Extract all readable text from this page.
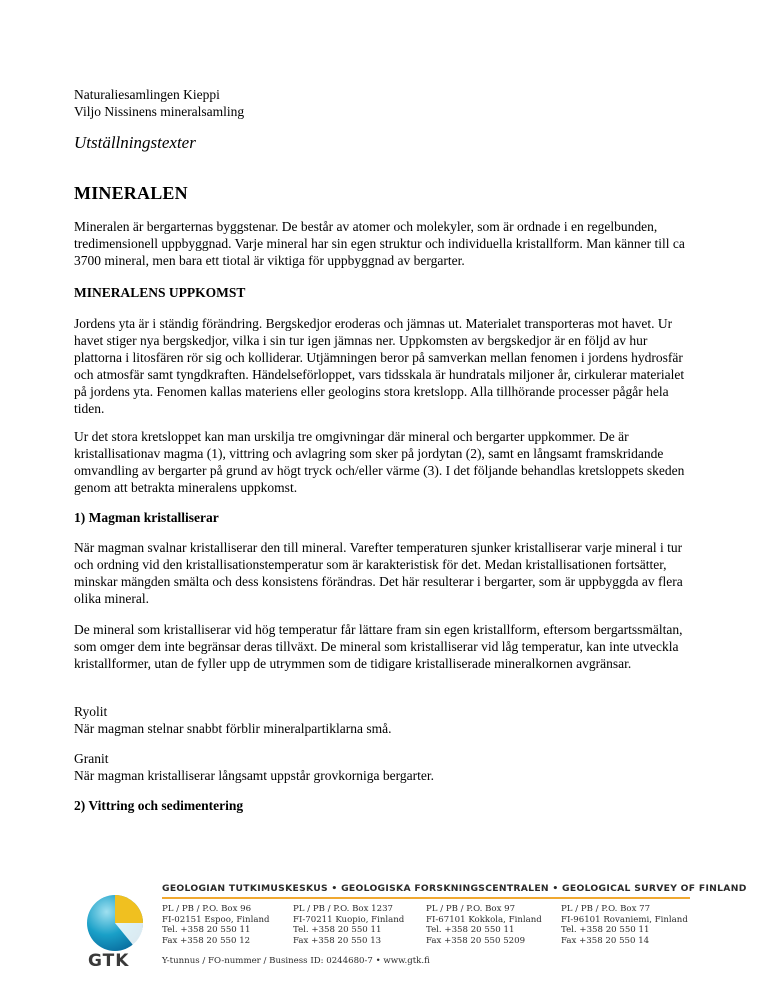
Naturaliesamlingen Kieppi

Viljo Nissinens mineralsamling

Utställningstexter

MINERALEN

Mineralen är bergarternas byggstenar. De består av atomer och molekyler, som är ordnade i en regelbunden, tredimensionell uppbyggnad. Varje mineral har sin egen struktur och individuella kristallform. Man känner till ca 3700 mineral, men bara ett tiotal är viktiga för uppbyggnad av bergarter.

MINERALENS UPPKOMST

Jordens yta är i ständig förändring. Bergskedjor eroderas och jämnas ut. Materialet transporteras mot havet. Ur havet stiger nya bergskedjor, vilka i sin tur igen jämnas ner. Uppkomsten av bergskedjor är en följd av hur plattorna i litosfären rör sig och kolliderar. Utjämningen beror på samverkan mellan fenomen i jordens hydrosfär och atmosfär samt tyngdkraften. Händelseförloppet, vars tidsskala är hundratals miljoner år, cirkulerar materialet på jordens yta. Fenomen kallas materiens eller geologins stora kretslopp. Alla tillhörande processer pågår hela tiden.

Ur det stora kretsloppet kan man urskilja tre omgivningar där mineral och bergarter uppkommer. De är kristallisationav magma (1), vittring och avlagring som sker på jordytan (2), samt en långsamt framskridande omvandling av bergarter på grund av högt tryck och/eller värme (3). I det följande behandlas kretsloppets skeden genom att betrakta mineralens uppkomst.

1) Magman kristalliserar

När magman svalnar kristalliserar den till mineral. Varefter temperaturen sjunker kristalliserar varje mineral i tur och ordning vid den kristallisationstemperatur som är karakteristisk för det. Medan kristallisationen fortsätter, minskar mängden smälta och dess konsistens förändras. Det här resulterar i bergarter, som är uppbyggda av flera olika mineral.

De mineral som kristalliserar vid hög temperatur får lättare fram sin egen kristallform, eftersom bergartssmältan, som omger dem inte begränsar deras tillväxt. De mineral som kristalliserar vid låg temperatur, kan inte utveckla kristallformer, utan de fyller upp de utrymmen som de tidigare kristalliserade mineralkornen avgränsar.

Ryolit

När magman stelnar snabbt förblir mineralpartiklarna små.

Granit

När magman kristalliserar långsamt uppstår grovkorniga bergarter.

2) Vittring och sedimentering

GTK
GEOLOGIAN TUTKIMUSKESKUS • GEOLOGISKA FORSKNINGSCENTRALEN • GEOLOGICAL SURVEY OF FINLAND
PL / PB / P.O. Box 96
FI-02151 Espoo, Finland
Tel. +358 20 550 11
Fax +358 20 550 12
PL / PB / P.O. Box 1237
FI-70211 Kuopio, Finland
Tel. +358 20 550 11
Fax +358 20 550 13
PL / PB / P.O. Box 97
FI-67101 Kokkola, Finland
Tel. +358 20 550 11
Fax +358 20 550 5209
PL / PB / P.O. Box 77
FI-96101 Rovaniemi, Finland
Tel. +358 20 550 11
Fax +358 20 550 14
Y-tunnus / FO-nummer / Business ID: 0244680-7 • www.gtk.fi
